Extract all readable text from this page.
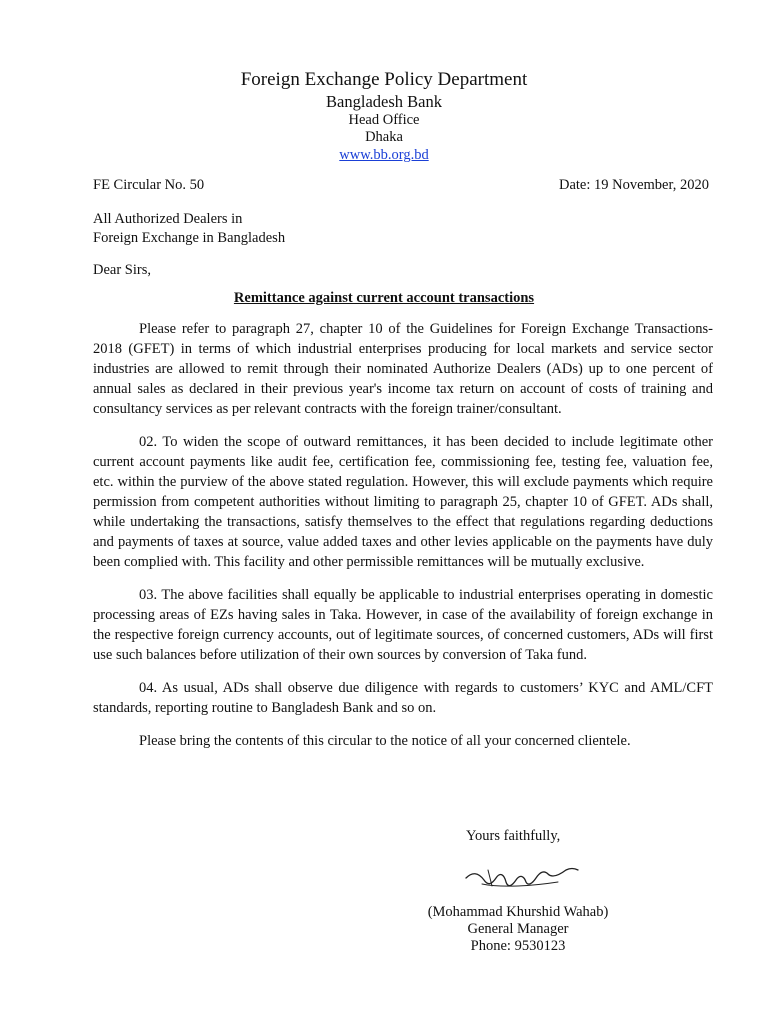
Foreign Exchange Policy Department
Bangladesh Bank
Head Office
Dhaka
www.bb.org.bd
FE Circular No. 50	Date: 19 November, 2020
All Authorized Dealers in
Foreign Exchange in Bangladesh
Dear Sirs,
Remittance against current account transactions

Please refer to paragraph 27, chapter 10 of the Guidelines for Foreign Exchange Transactions-2018 (GFET) in terms of which industrial enterprises producing for local markets and service sector industries are allowed to remit through their nominated Authorize Dealers (ADs) up to one percent of annual sales as declared in their previous year's income tax return on account of costs of training and consultancy services as per relevant contracts with the foreign trainer/consultant.

02. To widen the scope of outward remittances, it has been decided to include legitimate other current account payments like audit fee, certification fee, commissioning fee, testing fee, valuation fee, etc. within the purview of the above stated regulation. However, this will exclude payments which require permission from competent authorities without limiting to paragraph 25, chapter 10 of GFET. ADs shall, while undertaking the transactions, satisfy themselves to the effect that regulations regarding deductions and payments of taxes at source, value added taxes and other levies applicable on the payments have duly been complied with. This facility and other permissible remittances will be mutually exclusive.

03. The above facilities shall equally be applicable to industrial enterprises operating in domestic processing areas of EZs having sales in Taka. However, in case of the availability of foreign exchange in the respective foreign currency accounts, out of legitimate sources, of concerned customers, ADs will first use such balances before utilization of their own sources by conversion of Taka fund.

04. As usual, ADs shall observe due diligence with regards to customers’ KYC and AML/CFT standards, reporting routine to Bangladesh Bank and so on.

Please bring the contents of this circular to the notice of all your concerned clientele.

Yours faithfully,
(Mohammad Khurshid Wahab)
General Manager
Phone: 9530123
